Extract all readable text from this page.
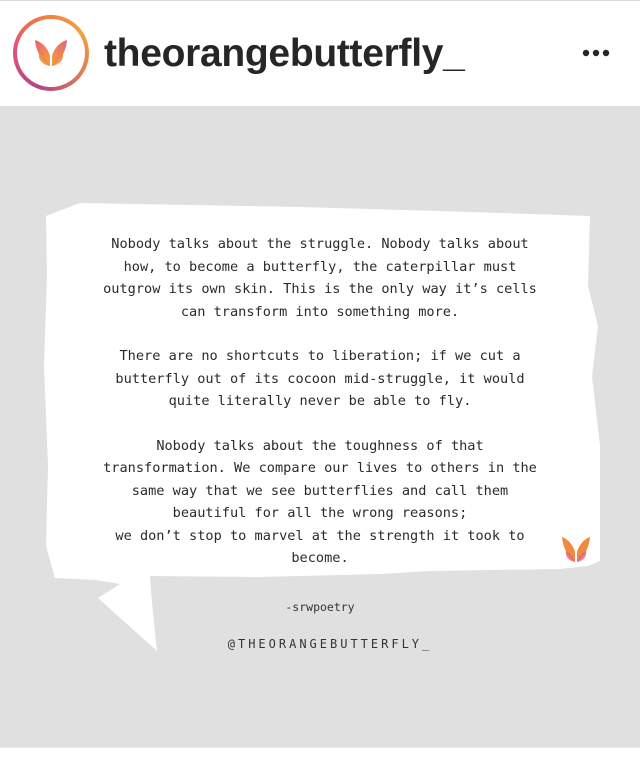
theorangebutterfly_

Nobody talks about the struggle. Nobody talks about
how, to become a butterfly, the caterpillar must
outgrow its own skin. This is the only way it’s cells
can transform into something more.

There are no shortcuts to liberation; if we cut a
butterfly out of its cocoon mid-struggle, it would
quite literally never be able to fly.

Nobody talks about the toughness of that
transformation. We compare our lives to others in the
same way that we see butterflies and call them
beautiful for all the wrong reasons;
we don’t stop to marvel at the strength it took to
become.

-srwpoetry
@THEORANGEBUTTERFLY_
